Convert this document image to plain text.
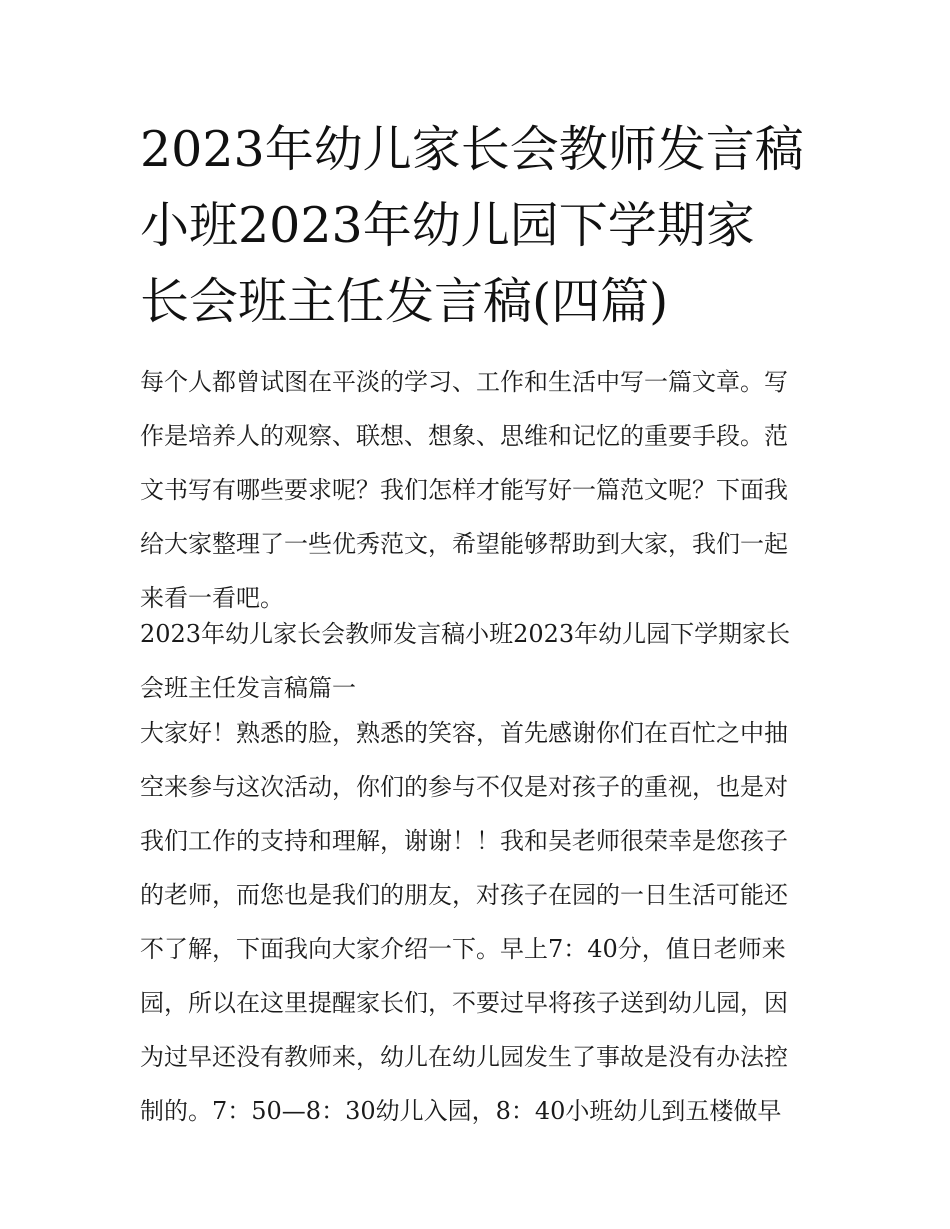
2023年幼儿家长会教师发言稿
小班2023年幼儿园下学期家
长会班主任发言稿(四篇)
每个人都曾试图在平淡的学习、工作和生活中写一篇文章。写
作是培养人的观察、联想、想象、思维和记忆的重要手段。范
文书写有哪些要求呢？我们怎样才能写好一篇范文呢？下面我
给大家整理了一些优秀范文，希望能够帮助到大家，我们一起
来看一看吧。
2023年幼儿家长会教师发言稿小班2023年幼儿园下学期家长
会班主任发言稿篇一
大家好！熟悉的脸，熟悉的笑容，首先感谢你们在百忙之中抽
空来参与这次活动，你们的参与不仅是对孩子的重视，也是对
我们工作的支持和理解，谢谢！！我和吴老师很荣幸是您孩子
的老师，而您也是我们的朋友，对孩子在园的一日生活可能还
不了解，下面我向大家介绍一下。早上7：40分，值日老师来
园，所以在这里提醒家长们，不要过早将孩子送到幼儿园，因
为过早还没有教师来，幼儿在幼儿园发生了事故是没有办法控
制的。7：50—8：30幼儿入园，8：40小班幼儿到五楼做早
